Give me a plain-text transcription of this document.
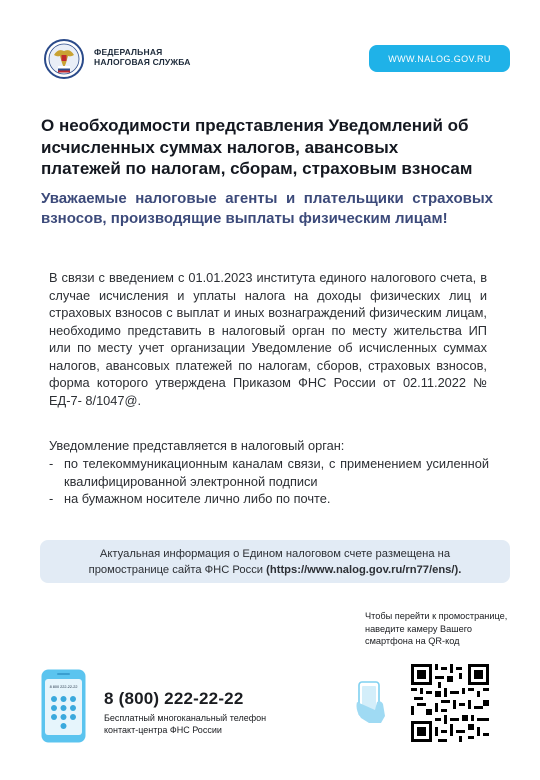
ФЕДЕРАЛЬНАЯ
НАЛОГОВАЯ СЛУЖБА	WWW.NALOG.GOV.RU
О необходимости представления Уведомлений об
исчисленных суммах налогов, авансовых
платежей по налогам, сборам, страховым взносам
Уважаемые налоговые агенты и плательщики страховых взносов, производящие выплаты физическим лицам!
В связи с введением с 01.01.2023 института единого налогового счета, в случае исчисления и уплаты налога на доходы физических лиц и страховых взносов с выплат и иных вознаграждений физическим лицам, необходимо представить в налоговый орган по месту жительства ИП или по месту учет организации Уведомление об исчисленных суммах налогов, авансовых платежей по налогам, сборов, страховых взносов, форма которого утверждена Приказом ФНС России от 02.11.2022 № ЕД-7- 8/1047@.
Уведомление представляется в налоговый орган:
- по телекоммуникационным каналам связи, с применением усиленной квалифицированной электронной подписи
- на бумажном носителе лично либо по почте.
Актуальная информация о Едином налоговом счете размещена на
промостранице сайта ФНС Росси (https://www.nalog.gov.ru/rn77/ens/).
Чтобы перейти к промостранице,
наведите камеру Вашего
смартфона на QR-код
8 800 222-22-22
8 (800) 222-22-22
Бесплатный многоканальный телефон
контакт-центра ФНС России
